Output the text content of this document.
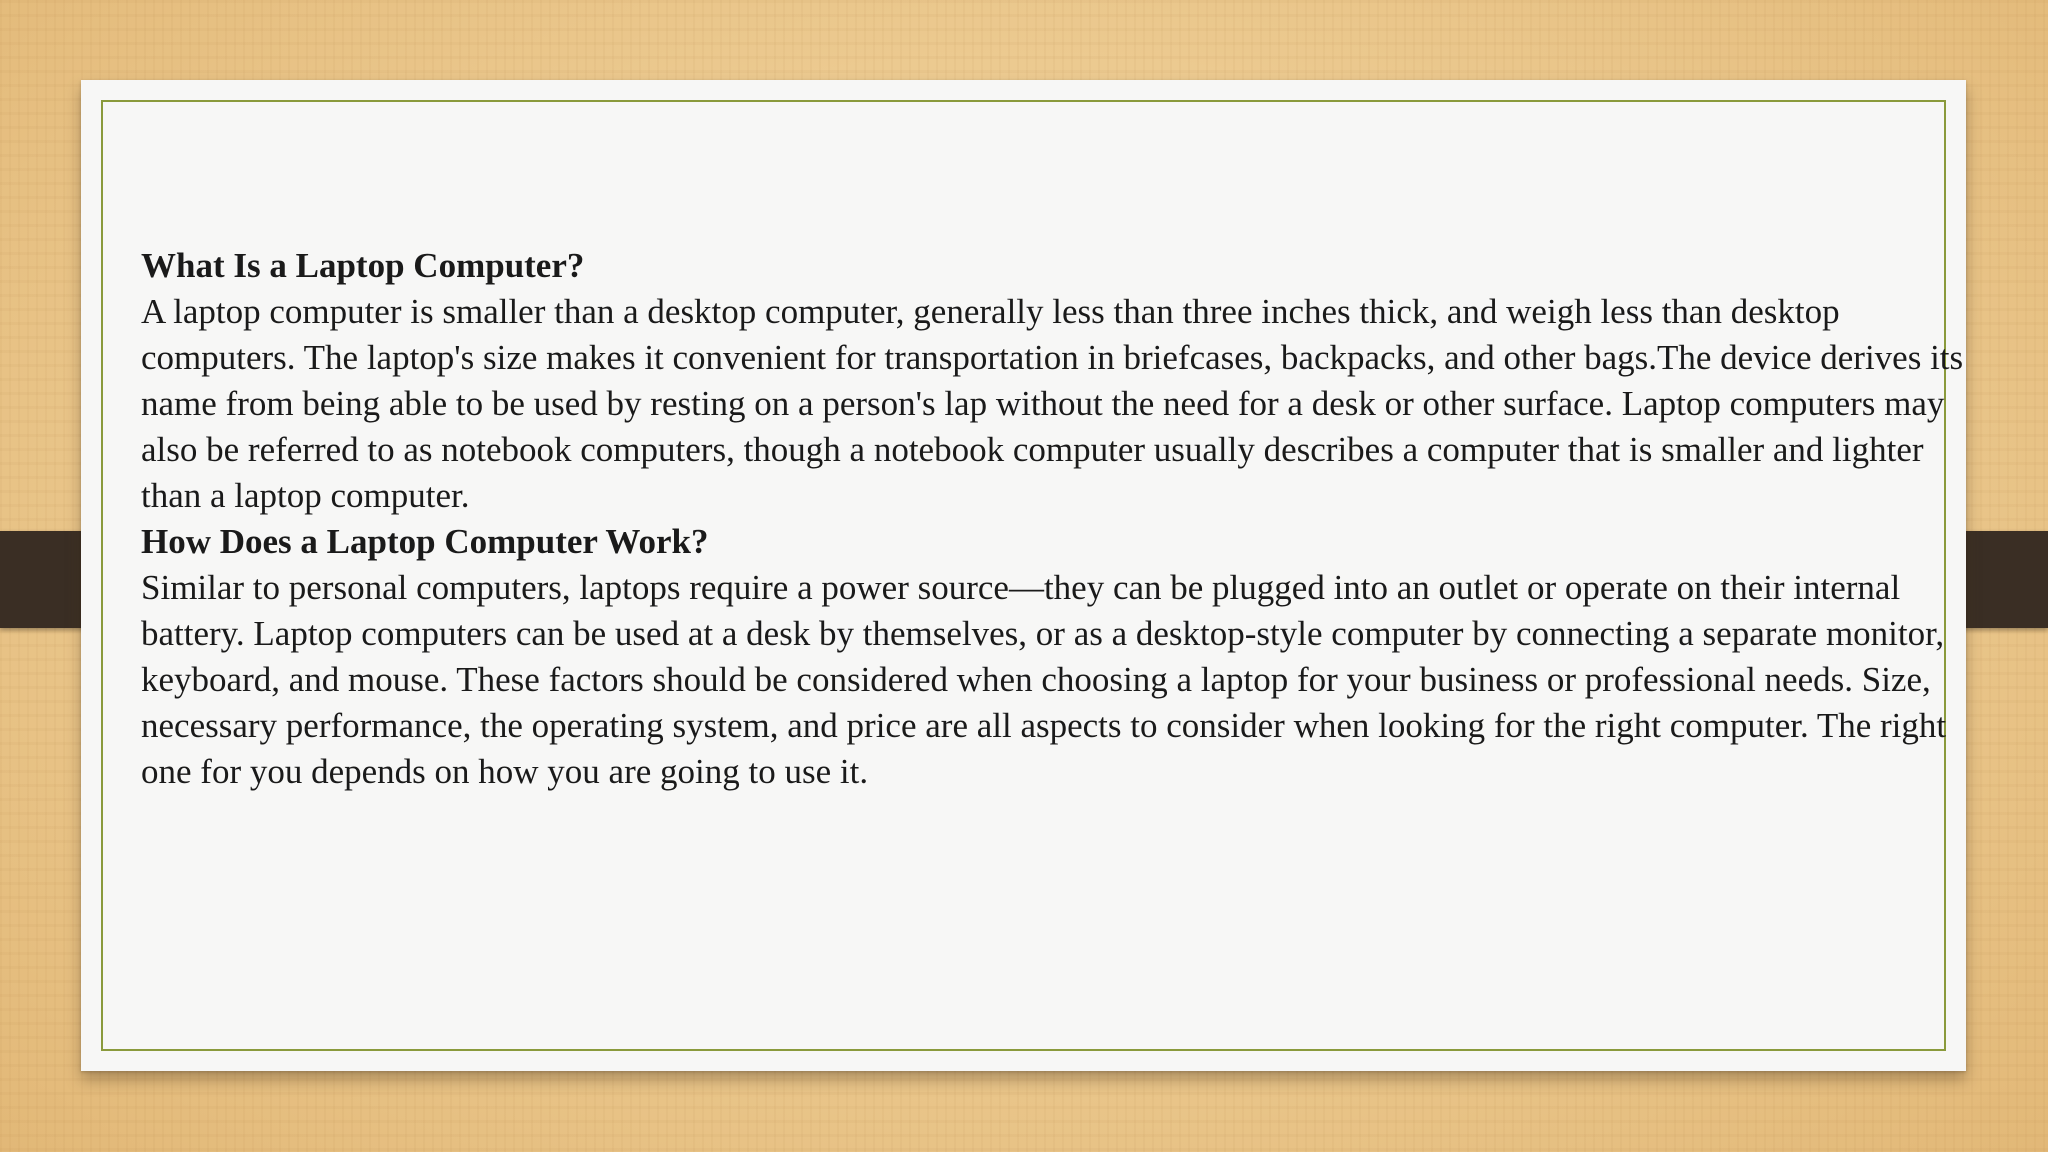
What Is a Laptop Computer?

A laptop computer is smaller than a desktop computer, generally less than three inches thick, and weigh less than desktop computers. The laptop's size makes it convenient for transportation in briefcases, backpacks, and other bags.The device derives its name from being able to be used by resting on a person's lap without the need for a desk or other surface. Laptop computers may also be referred to as notebook computers, though a notebook computer usually describes a computer that is smaller and lighter than a laptop computer.

How Does a Laptop Computer Work?

Similar to personal computers, laptops require a power source—they can be plugged into an outlet or operate on their internal battery. Laptop computers can be used at a desk by themselves, or as a desktop-style computer by connecting a separate monitor, keyboard, and mouse. These factors should be considered when choosing a laptop for your business or professional needs. Size, necessary performance, the operating system, and price are all aspects to consider when looking for the right computer. The right one for you depends on how you are going to use it.
